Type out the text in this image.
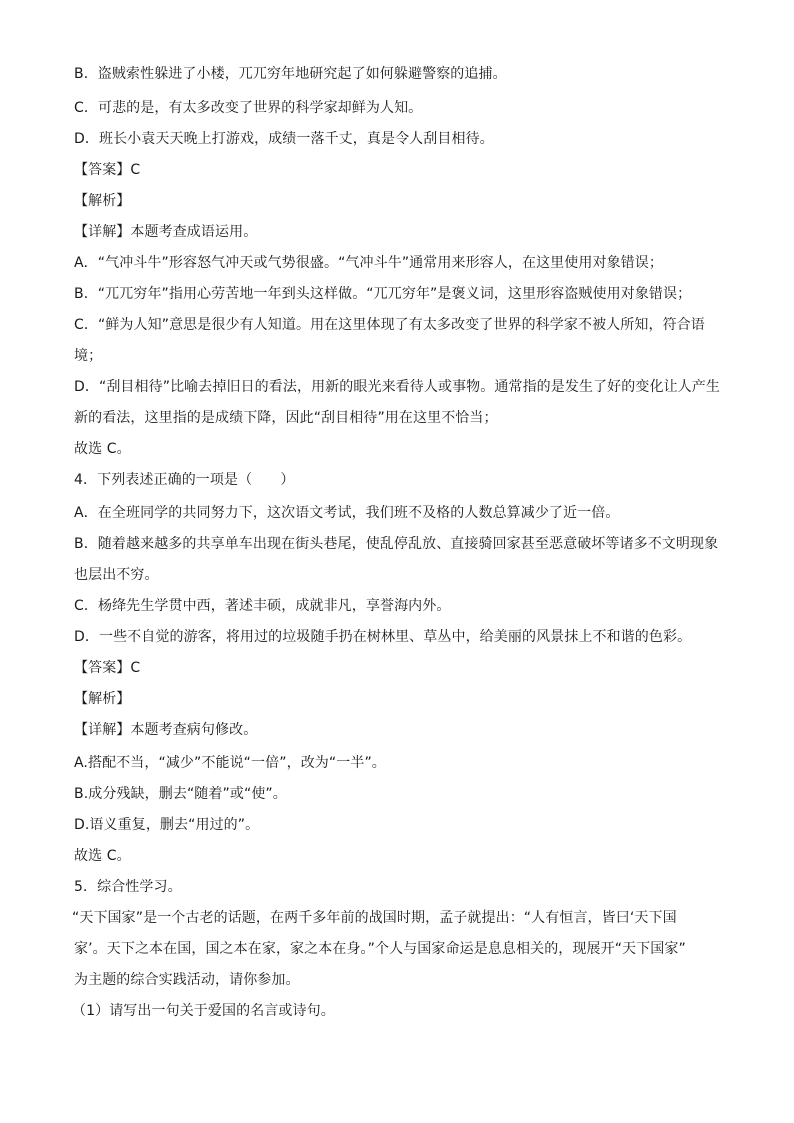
B．盗贼索性躲进了小楼，兀兀穷年地研究起了如何躲避警察的追捕。
C．可悲的是，有太多改变了世界的科学家却鲜为人知。
D．班长小袁天天晚上打游戏，成绩一落千丈，真是令人刮目相待。
【答案】C
【解析】
【详解】本题考查成语运用。
A．“气冲斗牛”形容怒气冲天或气势很盛。“气冲斗牛”通常用来形容人，在这里使用对象错误；
B．“兀兀穷年”指用心劳苦地一年到头这样做。“兀兀穷年”是褒义词，这里形容盗贼使用对象错误；
C．“鲜为人知”意思是很少有人知道。用在这里体现了有太多改变了世界的科学家不被人所知，符合语
境；
D．“刮目相待”比喻去掉旧日的看法，用新的眼光来看待人或事物。通常指的是发生了好的变化让人产生
新的看法，这里指的是成绩下降，因此“刮目相待”用在这里不恰当；
故选 C。
4．下列表述正确的一项是（　　）
A．在全班同学的共同努力下，这次语文考试，我们班不及格的人数总算减少了近一倍。
B．随着越来越多的共享单车出现在街头巷尾，使乱停乱放、直接骑回家甚至恶意破坏等诸多不文明现象
也层出不穷。
C．杨绛先生学贯中西，著述丰硕，成就非凡，享誉海内外。
D．一些不自觉的游客，将用过的垃圾随手扔在树林里、草丛中，给美丽的风景抹上不和谐的色彩。
【答案】C
【解析】
【详解】本题考查病句修改。
A.搭配不当，“减少”不能说“一倍”，改为“一半”。
B.成分残缺，删去“随着”或“使”。
D.语义重复，删去“用过的”。
故选 C。
5．综合性学习。
“天下国家”是一个古老的话题，在两千多年前的战国时期，孟子就提出：“人有恒言，皆曰‘天下国
家’。天下之本在国，国之本在家，家之本在身。”个人与国家命运是息息相关的，现展开“天下国家”
为主题的综合实践活动，请你参加。
（1）请写出一句关于爱国的名言或诗句。
